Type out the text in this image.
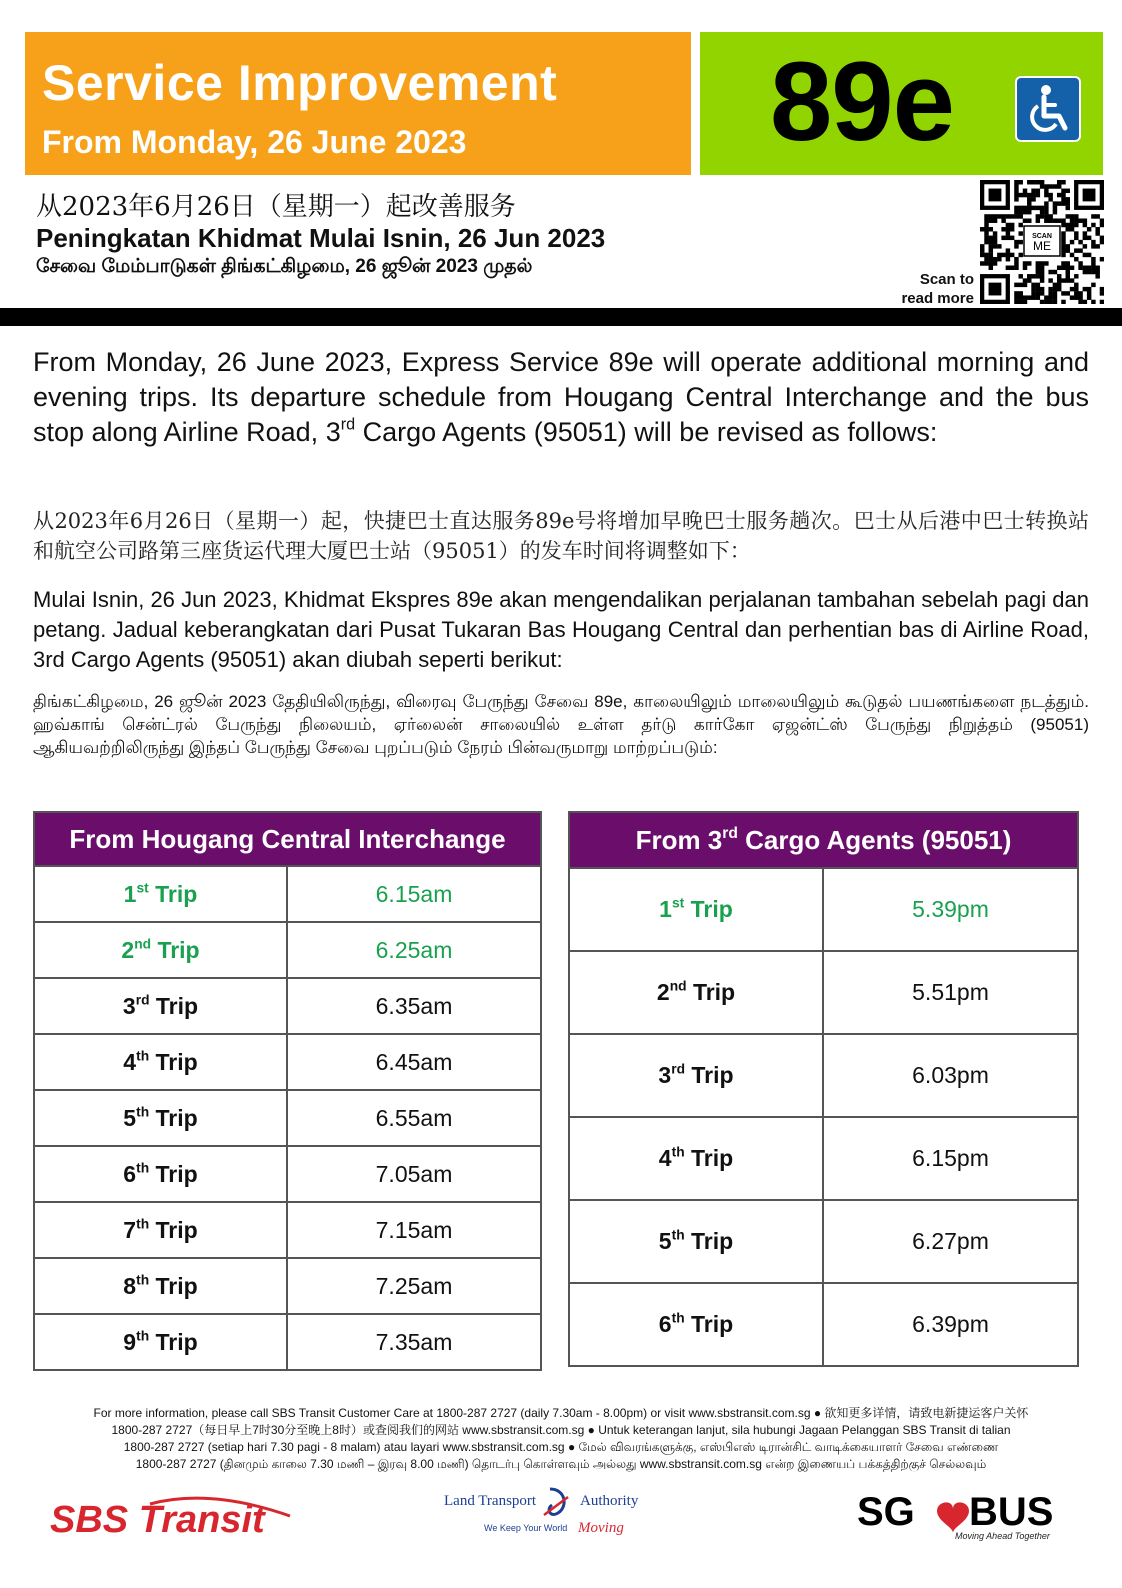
Service Improvement
From Monday, 26 June 2023	89e
从2023年6月26日（星期一）起改善服务
Peningkatan Khidmat Mulai Isnin, 26 Jun 2023
சேவை மேம்பாடுகள் திங்கட்கிழமை, 26 ஜூன் 2023 முதல்
Scan to
read more
SCAN
ME
From Monday, 26 June 2023, Express Service 89e will operate additional morning and evening trips. Its departure schedule from Hougang Central Interchange and the bus stop along Airline Road, 3rd Cargo Agents (95051) will be revised as follows:
从2023年6月26日（星期一）起，快捷巴士直达服务89e号将增加早晚巴士服务趟次。巴士从后港中巴士转换站和航空公司路第三座货运代理大厦巴士站（95051）的发车时间将调整如下：
Mulai Isnin, 26 Jun 2023, Khidmat Ekspres 89e akan mengendalikan perjalanan tambahan sebelah pagi dan petang. Jadual keberangkatan dari Pusat Tukaran Bas Hougang Central dan perhentian bas di Airline Road, 3rd Cargo Agents (95051) akan diubah seperti berikut:
திங்கட்கிழமை, 26 ஜூன் 2023 தேதியிலிருந்து, விரைவு பேருந்து சேவை 89e, காலையிலும் மாலையிலும் கூடுதல் பயணங்களை நடத்தும். ஹவ்காங் சென்ட்ரல் பேருந்து நிலையம், ஏர்லைன் சாலையில் உள்ள தர்டு கார்கோ ஏஜன்ட்ஸ் பேருந்து நிறுத்தம் (95051) ஆகியவற்றிலிருந்து இந்தப் பேருந்து சேவை புறப்படும் நேரம் பின்வருமாறு மாற்றப்படும்:
From Hougang Central Interchange	
1st Trip	6.15am
2nd Trip	6.25am
3rd Trip	6.35am
4th Trip	6.45am
5th Trip	6.55am
6th Trip	7.05am
7th Trip	7.15am
8th Trip	7.25am
9th Trip	7.35am
From 3rd Cargo Agents (95051)	
1st Trip	5.39pm
2nd Trip	5.51pm
3rd Trip	6.03pm
4th Trip	6.15pm
5th Trip	6.27pm
6th Trip	6.39pm
For more information, please call SBS Transit Customer Care at 1800-287 2727 (daily 7.30am - 8.00pm) or visit www.sbstransit.com.sg ● 欲知更多详情，请致电新捷运客户关怀
1800-287 2727（每日早上7时30分至晚上8时）或查阅我们的网站 www.sbstransit.com.sg ● Untuk keterangan lanjut, sila hubungi Jagaan Pelanggan SBS Transit di talian
1800-287 2727 (setiap hari 7.30 pagi - 8 malam) atau layari www.sbstransit.com.sg ● மேல் விவரங்களுக்கு, எஸ்பிஎஸ் டிரான்சிட் வாடிக்கையாளர் சேவை எண்ணை
1800-287 2727 (தினமும் காலை 7.30 மணி – இரவு 8.00 மணி) தொடர்பு கொள்ளவும் அல்லது www.sbstransit.com.sg என்ற இணையப் பக்கத்திற்குச் செல்லவும்
SBS Transit	Land Transport	Authority
We Keep Your World Moving	SG BUS
Moving Ahead Together
